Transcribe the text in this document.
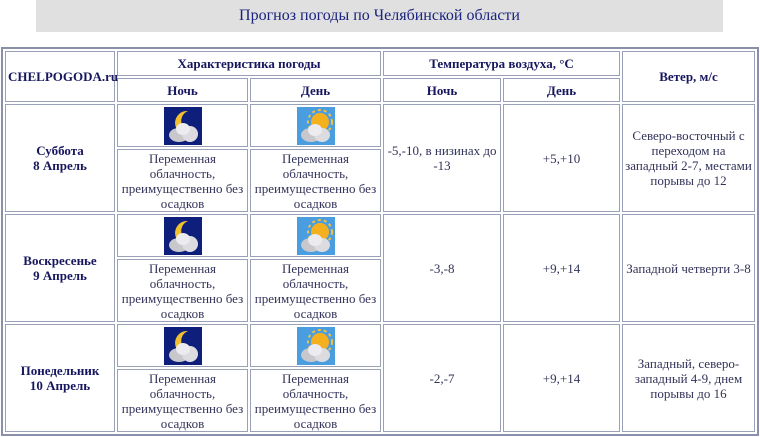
Прогноз погоды по Челябинской области
CHELPOGODA.ru	Характеристика погоды		Температура воздуха, °С		Ветер, м/с
	Ночь	День	Ночь	День	
Суббота
8 Апрель			-5,-10, в низинах до -13	+5,+10	Северо-восточный с переходом на западный 2-7, местами порывы до 12
	Переменная облачность, преимущественно без осадков	Переменная облачность, преимущественно без осадков			
Воскресенье
9 Апрель			-3,-8	+9,+14	Западной четверти 3-8
	Переменная облачность, преимущественно без осадков	Переменная облачность, преимущественно без осадков			
Понедельник
10 Апрель			-2,-7	+9,+14	Западный, северо-западный 4-9, днем порывы до 16
	Переменная облачность, преимущественно без осадков	Переменная облачность, преимущественно без осадков			
